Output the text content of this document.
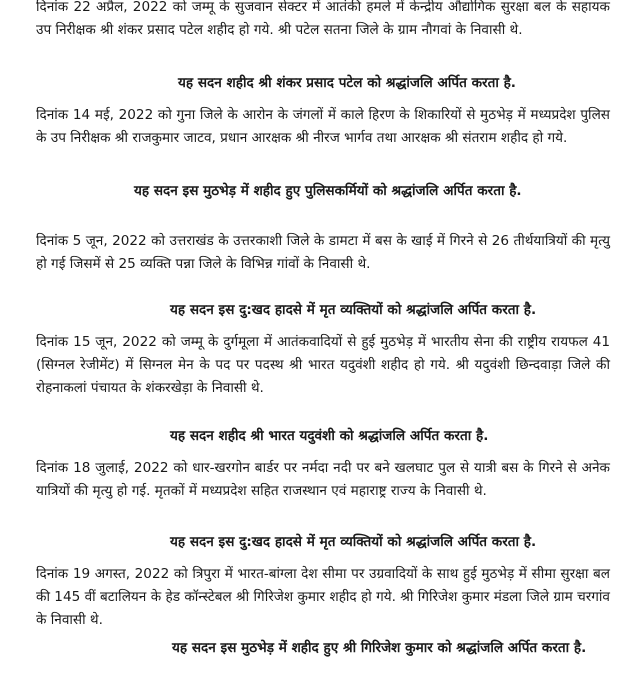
दिनांक 22 अप्रैल, 2022 को जम्मू के सुजवान सेक्टर में आतंकी हमले में केन्द्रीय औद्योगिक सुरक्षा बल के सहायक उप निरीक्षक श्री शंकर प्रसाद पटेल शहीद हो गये. श्री पटेल सतना जिले के ग्राम नौगवां के निवासी थे.

यह सदन शहीद श्री शंकर प्रसाद पटेल को श्रद्धांजलि अर्पित करता है.

दिनांक 14 मई, 2022 को गुना जिले के आरोन के जंगलों में काले हिरण के शिकारियों से मुठभेड़ में मध्यप्रदेश पुलिस के उप निरीक्षक श्री राजकुमार जाटव, प्रधान आरक्षक श्री नीरज भार्गव तथा आरक्षक श्री संतराम शहीद हो गये.

यह सदन इस मुठभेड़ में शहीद हुए पुलिसकर्मियों को श्रद्धांजलि अर्पित करता है.

दिनांक 5 जून, 2022 को उत्तराखंड के उत्तरकाशी जिले के डामटा में बस के खाई में गिरने से 26 तीर्थयात्रियों की मृत्यु हो गई जिसमें से 25 व्यक्ति पन्ना जिले के विभिन्न गांवों के निवासी थे.

यह सदन इस दु:खद हादसे में मृत व्यक्तियों को श्रद्धांजलि अर्पित करता है.

दिनांक 15 जून, 2022 को जम्मू के दुर्गमूला में आतंकवादियों से हुई मुठभेड़ में भारतीय सेना की राष्ट्रीय रायफल 41 (सिग्नल रेजीमेंट) में सिग्नल मेन के पद पर पदस्थ श्री भारत यदुवंशी शहीद हो गये. श्री यदुवंशी छिन्दवाड़ा जिले की रोहनाकलां पंचायत के शंकरखेड़ा के निवासी थे.

यह सदन शहीद श्री भारत यदुवंशी को श्रद्धांजलि अर्पित करता है.

दिनांक 18 जुलाई, 2022 को धार-खरगोन बार्डर पर नर्मदा नदी पर बने खलघाट पुल से यात्री बस के गिरने से अनेक यात्रियों की मृत्यु हो गई. मृतकों में मध्यप्रदेश सहित राजस्थान एवं महाराष्ट्र राज्य के निवासी थे.

यह सदन इस दु:खद हादसे में मृत व्यक्तियों को श्रद्धांजलि अर्पित करता है.

दिनांक 19 अगस्त, 2022 को त्रिपुरा में भारत-बांग्ला देश सीमा पर उग्रवादियों के साथ हुई मुठभेड़ में सीमा सुरक्षा बल की 145 वीं बटालियन के हेड कॉन्स्टेबल श्री गिरिजेश कुमार शहीद हो गये. श्री गिरिजेश कुमार मंडला जिले ग्राम चरगांव के निवासी थे.

यह सदन इस मुठभेड़ में शहीद हुए श्री गिरिजेश कुमार को श्रद्धांजलि अर्पित करता है.
